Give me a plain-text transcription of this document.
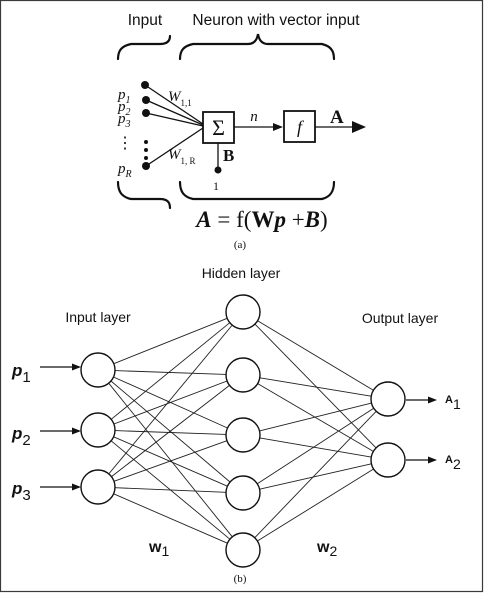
Input Neuron with vector input
$p_1$
$p_2$
$p_3$
⋮
$p_R$
$W_{1,1}$
$W_{1, R}$
Σ n f A
B
1
A = f(Wp +B)
(a)
Hidden layer
Input layer	Output layer
p1
p2
p3
A1
A2
w1	w2
(b)
